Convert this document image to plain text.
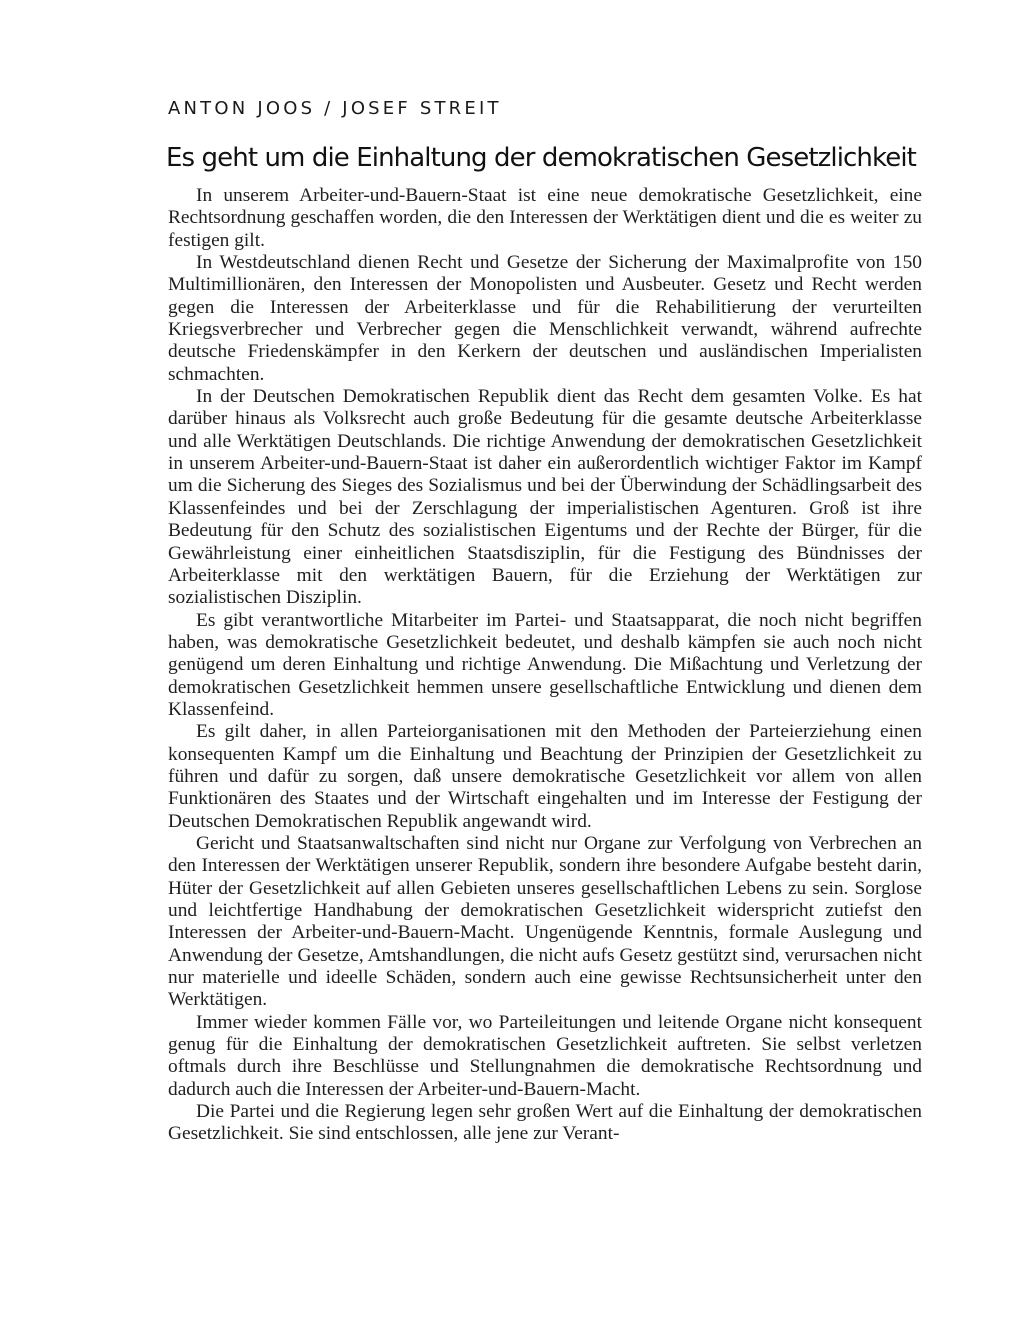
ANTON JOOS / JOSEF STREIT
Es geht um die Einhaltung der demokratischen Gesetzlichkeit

In unserem Arbeiter-und-Bauern-Staat ist eine neue demokratische Gesetzlichkeit, eine Rechtsordnung geschaffen worden, die den Interessen der Werktätigen dient und die es weiter zu festigen gilt.

In Westdeutschland dienen Recht und Gesetze der Sicherung der Maximalprofite von 150 Multimillionären, den Interessen der Monopolisten und Ausbeuter. Gesetz und Recht werden gegen die Interessen der Arbeiterklasse und für die Rehabilitierung der verurteilten Kriegsverbrecher und Verbrecher gegen die Menschlichkeit verwandt, während aufrechte deutsche Friedenskämpfer in den Kerkern der deutschen und ausländischen Imperialisten schmachten.

In der Deutschen Demokratischen Republik dient das Recht dem gesamten Volke. Es hat darüber hinaus als Volksrecht auch große Bedeutung für die gesamte deutsche Arbeiterklasse und alle Werktätigen Deutschlands. Die richtige Anwendung der demokratischen Gesetzlichkeit in unserem Arbeiter-und-Bauern-Staat ist daher ein außerordentlich wichtiger Faktor im Kampf um die Sicherung des Sieges des Sozialismus und bei der Überwindung der Schädlingsarbeit des Klassenfeindes und bei der Zerschlagung der imperialistischen Agenturen. Groß ist ihre Bedeutung für den Schutz des sozialistischen Eigentums und der Rechte der Bürger, für die Gewährleistung einer einheitlichen Staatsdisziplin, für die Festigung des Bündnisses der Arbeiterklasse mit den werktätigen Bauern, für die Erziehung der Werktätigen zur sozialistischen Disziplin.

Es gibt verantwortliche Mitarbeiter im Partei- und Staatsapparat, die noch nicht begriffen haben, was demokratische Gesetzlichkeit bedeutet, und deshalb kämpfen sie auch noch nicht genügend um deren Einhaltung und richtige Anwendung. Die Mißachtung und Verletzung der demokratischen Gesetzlichkeit hemmen unsere gesellschaftliche Entwicklung und dienen dem Klassenfeind.

Es gilt daher, in allen Parteiorganisationen mit den Methoden der Parteierziehung einen konsequenten Kampf um die Einhaltung und Beachtung der Prinzipien der Gesetzlichkeit zu führen und dafür zu sorgen, daß unsere demokratische Gesetzlichkeit vor allem von allen Funktionären des Staates und der Wirtschaft eingehalten und im Interesse der Festigung der Deutschen Demokratischen Republik angewandt wird.

Gericht und Staatsanwaltschaften sind nicht nur Organe zur Verfolgung von Verbrechen an den Interessen der Werktätigen unserer Republik, sondern ihre besondere Aufgabe besteht darin, Hüter der Gesetzlichkeit auf allen Gebieten unseres gesellschaftlichen Lebens zu sein. Sorglose und leichtfertige Handhabung der demokratischen Gesetzlichkeit widerspricht zutiefst den Interessen der Arbeiter-und-Bauern-Macht. Ungenügende Kenntnis, formale Auslegung und Anwendung der Gesetze, Amtshandlungen, die nicht aufs Gesetz gestützt sind, verursachen nicht nur materielle und ideelle Schäden, sondern auch eine gewisse Rechtsunsicherheit unter den Werktätigen.

Immer wieder kommen Fälle vor, wo Parteileitungen und leitende Organe nicht konsequent genug für die Einhaltung der demokratischen Gesetzlichkeit auftreten. Sie selbst verletzen oftmals durch ihre Beschlüsse und Stellungnahmen die demokratische Rechtsordnung und dadurch auch die Interessen der Arbeiter-und-Bauern-Macht.

Die Partei und die Regierung legen sehr großen Wert auf die Einhaltung der demokratischen Gesetzlichkeit. Sie sind entschlossen, alle jene zur Verant-
